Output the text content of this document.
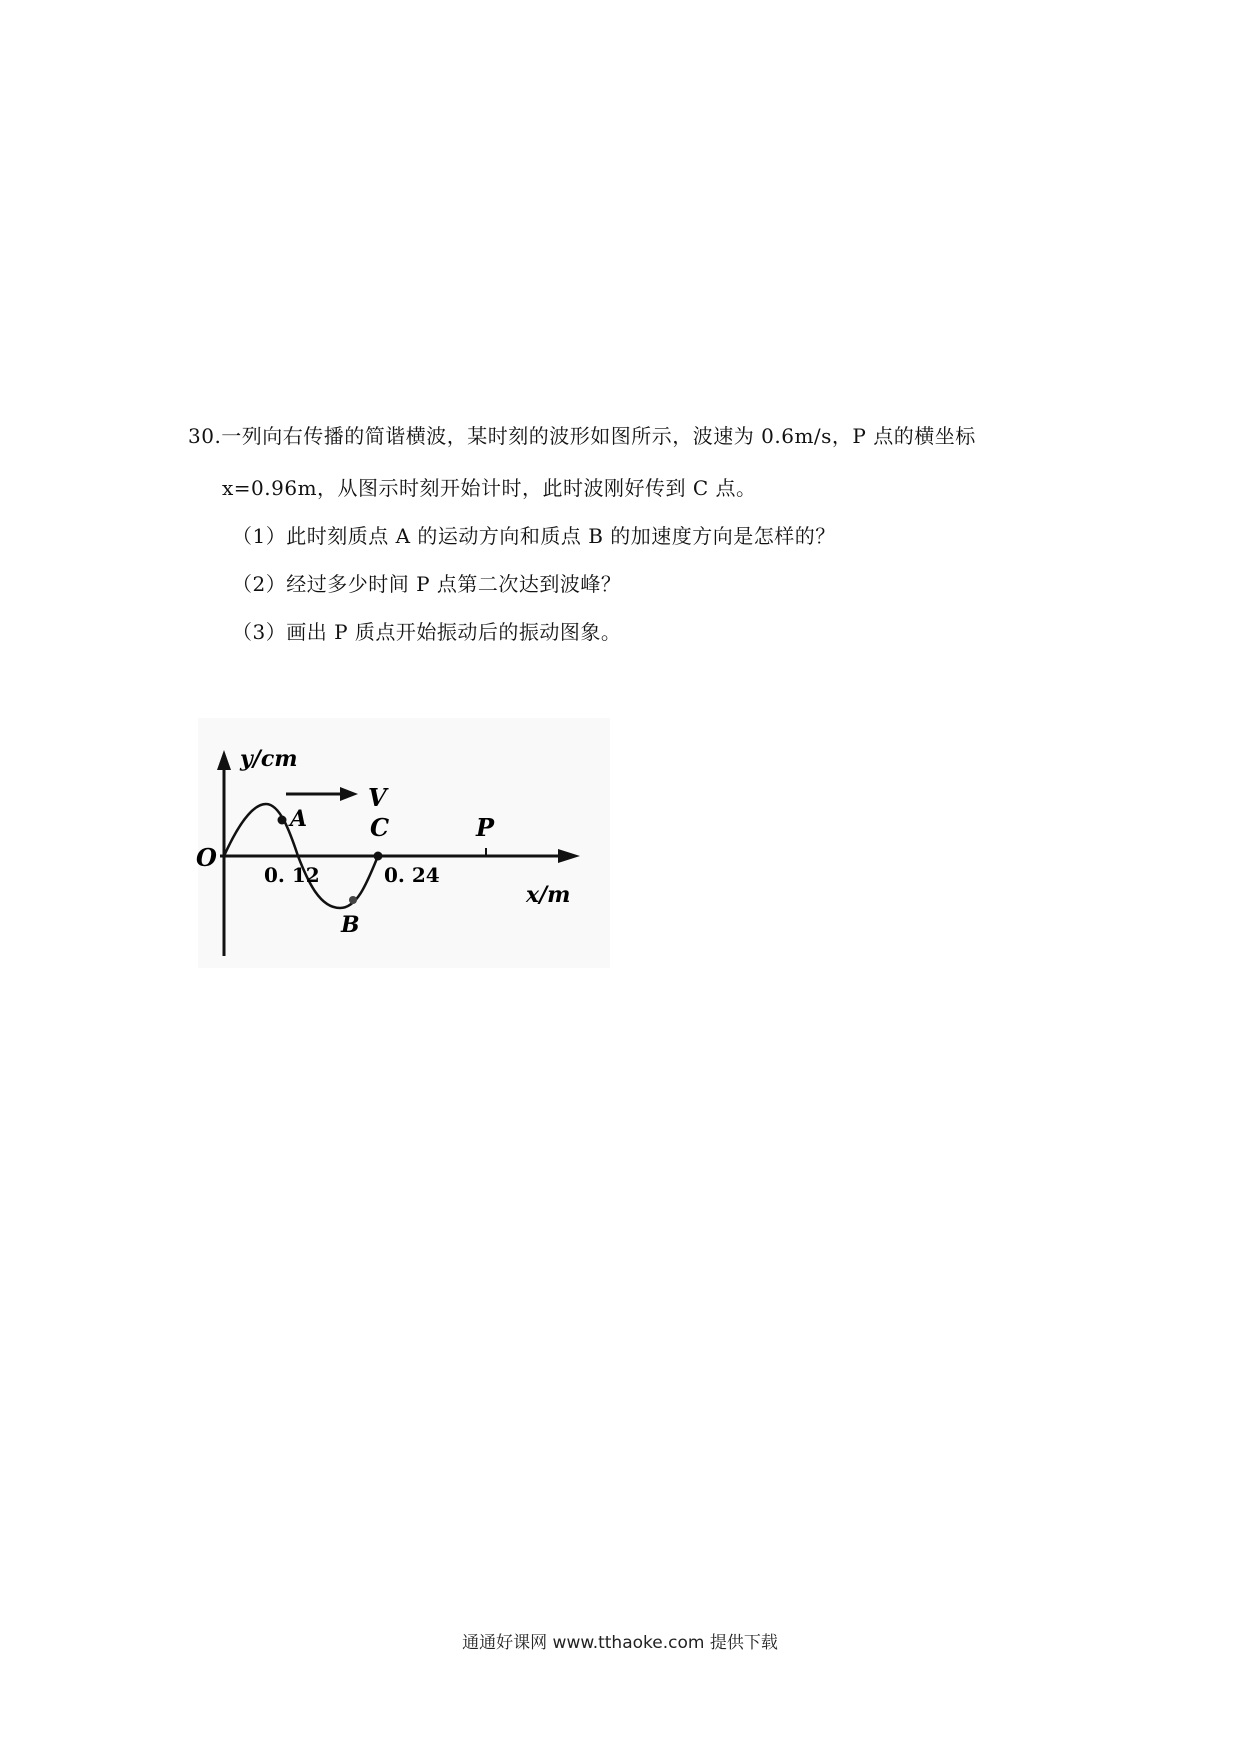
30.一列向右传播的简谐横波，某时刻的波形如图所示，波速为 0.6m/s，P 点的横坐标
x=0.96m，从图示时刻开始计时，此时波刚好传到 C 点。
（1）此时刻质点 A 的运动方向和质点 B 的加速度方向是怎样的？
（2）经过多少时间 P 点第二次达到波峰？
（3）画出 P 质点开始振动后的振动图象。
y/cm
O
V
A
B
C	P
0. 12	0. 24
x/m
通通好课网 www.tthaoke.com 提供下载
